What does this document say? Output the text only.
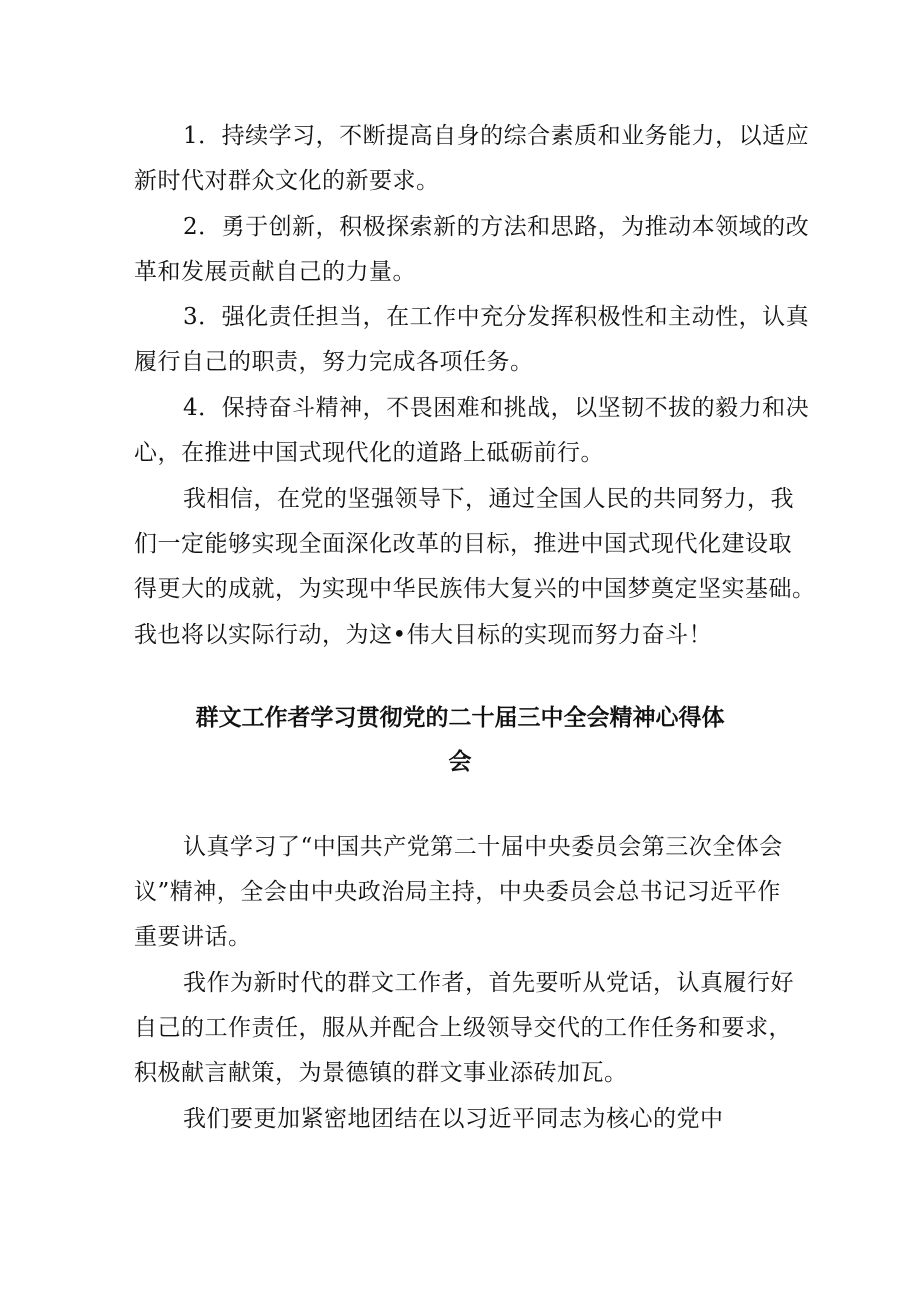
1．持续学习，不断提高自身的综合素质和业务能力，以适应
新时代对群众文化的新要求。
2．勇于创新，积极探索新的方法和思路，为推动本领域的改
革和发展贡献自己的力量。
3．强化责任担当，在工作中充分发挥积极性和主动性，认真
履行自己的职责，努力完成各项任务。
4．保持奋斗精神，不畏困难和挑战，以坚韧不拔的毅力和决
心，在推进中国式现代化的道路上砥砺前行。
我相信，在党的坚强领导下，通过全国人民的共同努力，我
们一定能够实现全面深化改革的目标，推进中国式现代化建设取
得更大的成就，为实现中华民族伟大复兴的中国梦奠定坚实基础。
我也将以实际行动，为这•伟大目标的实现而努力奋斗！
群文工作者学习贯彻党的二十届三中全会精神心得体
会
认真学习了“中国共产党第二十届中央委员会第三次全体会
议”精神，全会由中央政治局主持，中央委员会总书记习近平作
重要讲话。
我作为新时代的群文工作者，首先要听从党话，认真履行好
自己的工作责任，服从并配合上级领导交代的工作任务和要求，
积极献言献策，为景德镇的群文事业添砖加瓦。
我们要更加紧密地团结在以习近平同志为核心的党中
